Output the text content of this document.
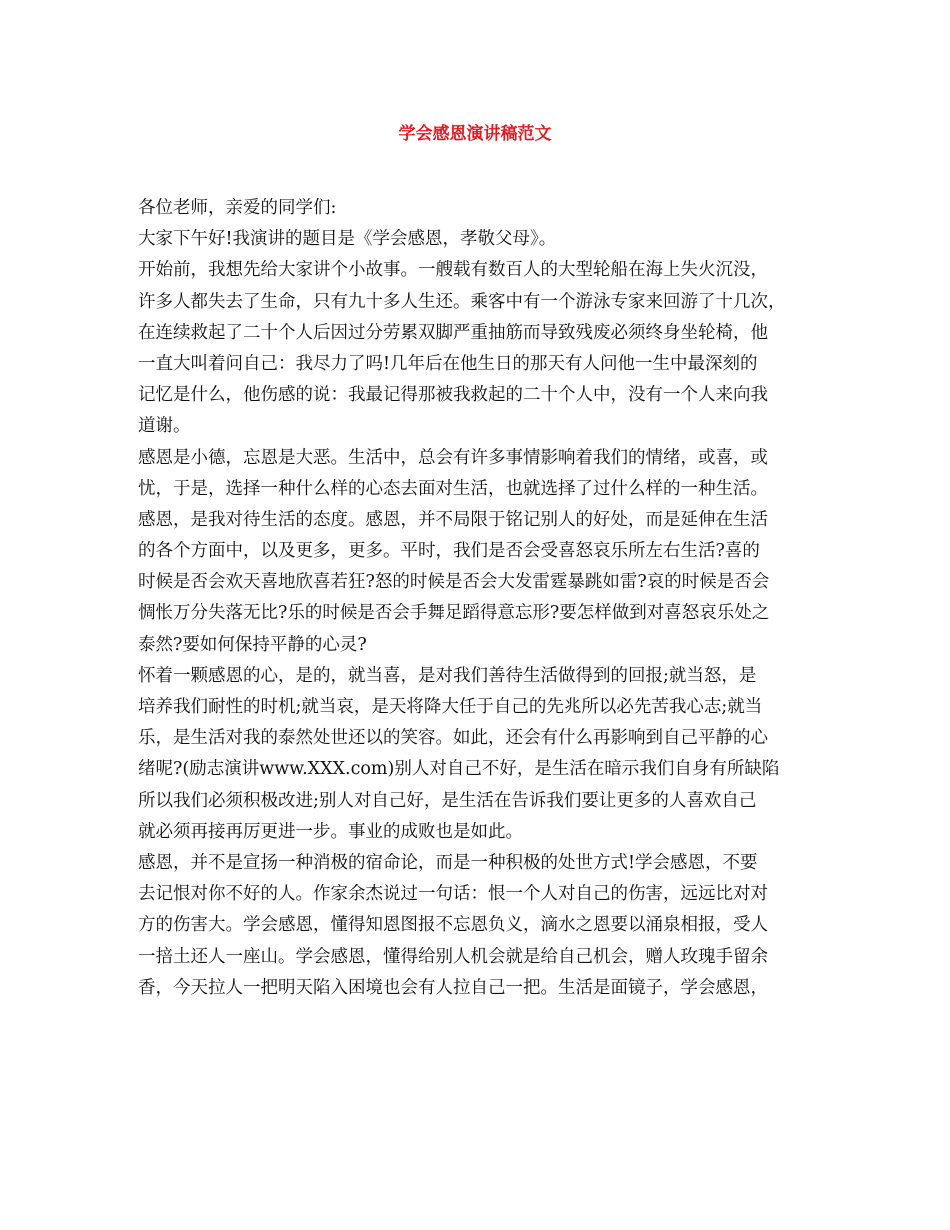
学会感恩演讲稿范文
各位老师，亲爱的同学们:
大家下午好!我演讲的题目是《学会感恩，孝敬父母》。
开始前，我想先给大家讲个小故事。一艘载有数百人的大型轮船在海上失火沉没，
许多人都失去了生命，只有九十多人生还。乘客中有一个游泳专家来回游了十几次，
在连续救起了二十个人后因过分劳累双脚严重抽筋而导致残废必须终身坐轮椅，他
一直大叫着问自己：我尽力了吗!几年后在他生日的那天有人问他一生中最深刻的
记忆是什么，他伤感的说：我最记得那被我救起的二十个人中，没有一个人来向我
道谢。
感恩是小德，忘恩是大恶。生活中，总会有许多事情影响着我们的情绪，或喜，或
忧，于是，选择一种什么样的心态去面对生活，也就选择了过什么样的一种生活。
感恩，是我对待生活的态度。感恩，并不局限于铭记别人的好处，而是延伸在生活
的各个方面中，以及更多，更多。平时，我们是否会受喜怒哀乐所左右生活?喜的
时候是否会欢天喜地欣喜若狂?怒的时候是否会大发雷霆暴跳如雷?哀的时候是否会
惆怅万分失落无比?乐的时候是否会手舞足蹈得意忘形?要怎样做到对喜怒哀乐处之
泰然?要如何保持平静的心灵?
怀着一颗感恩的心，是的，就当喜，是对我们善待生活做得到的回报;就当怒，是
培养我们耐性的时机;就当哀，是天将降大任于自己的先兆所以必先苦我心志;就当
乐，是生活对我的泰然处世还以的笑容。如此，还会有什么再影响到自己平静的心
绪呢?(励志演讲www.XXX.com)别人对自己不好，是生活在暗示我们自身有所缺陷
所以我们必须积极改进;别人对自己好，是生活在告诉我们要让更多的人喜欢自己
就必须再接再厉更进一步。事业的成败也是如此。
感恩，并不是宣扬一种消极的宿命论，而是一种积极的处世方式!学会感恩，不要
去记恨对你不好的人。作家余杰说过一句话：恨一个人对自己的伤害，远远比对对
方的伤害大。学会感恩，懂得知恩图报不忘恩负义，滴水之恩要以涌泉相报，受人
一掊土还人一座山。学会感恩，懂得给别人机会就是给自己机会，赠人玫瑰手留余
香，今天拉人一把明天陷入困境也会有人拉自己一把。生活是面镜子，学会感恩，
